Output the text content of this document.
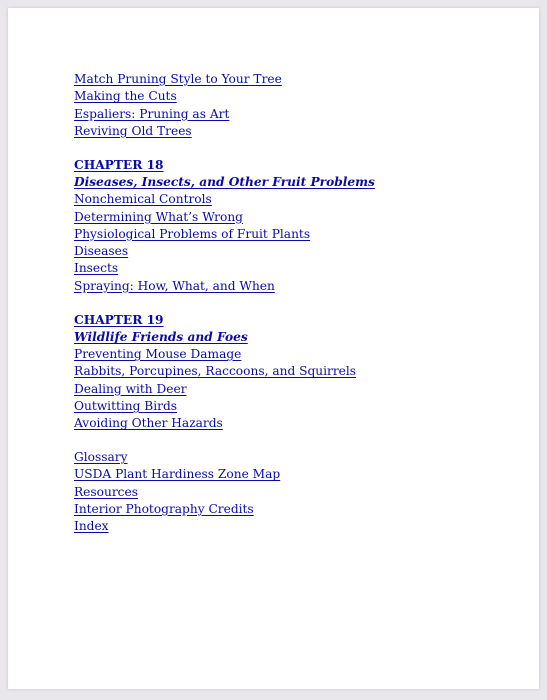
Match Pruning Style to Your Tree
Making the Cuts
Espaliers: Pruning as Art
Reviving Old Trees
CHAPTER 18
Diseases, Insects, and Other Fruit Problems
Nonchemical Controls
Determining What’s Wrong
Physiological Problems of Fruit Plants
Diseases
Insects
Spraying: How, What, and When
CHAPTER 19
Wildlife Friends and Foes
Preventing Mouse Damage
Rabbits, Porcupines, Raccoons, and Squirrels
Dealing with Deer
Outwitting Birds
Avoiding Other Hazards
Glossary
USDA Plant Hardiness Zone Map
Resources
Interior Photography Credits
Index
